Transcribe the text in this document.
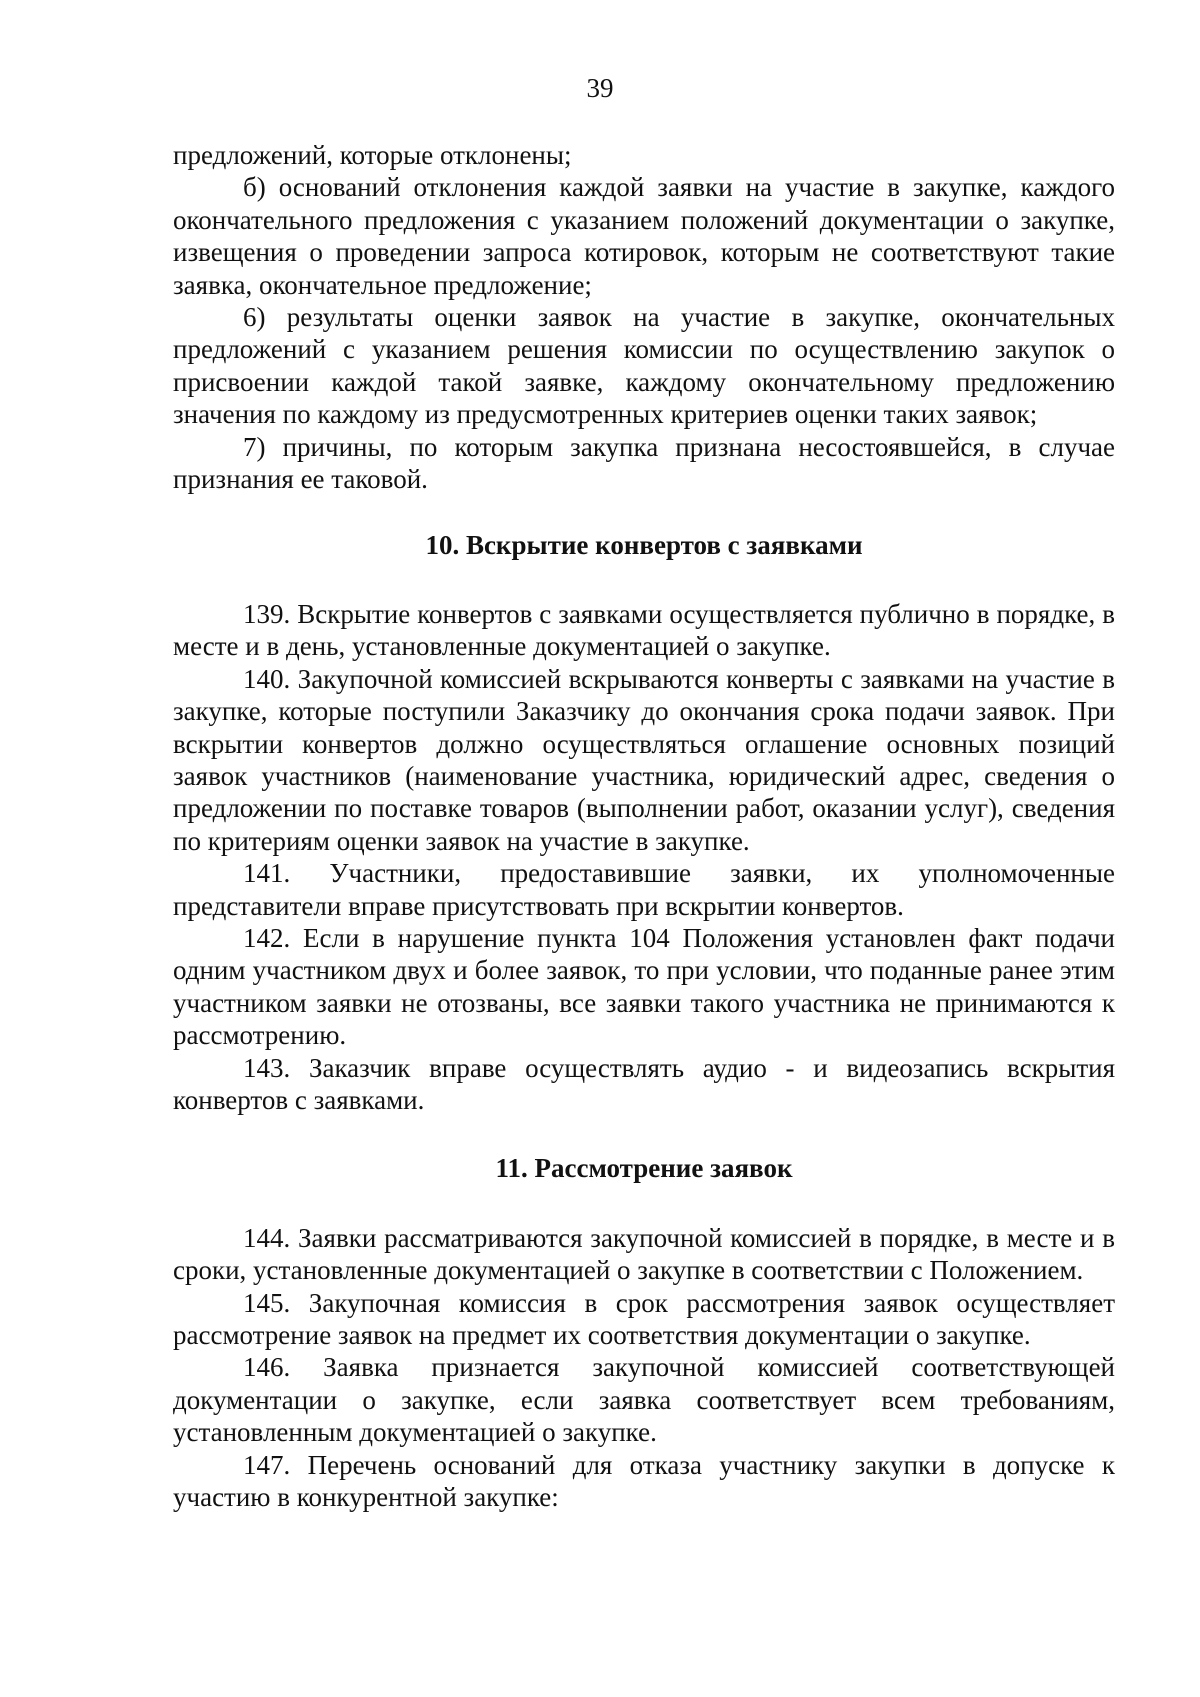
39

предложений, которые отклонены;

б) оснований отклонения каждой заявки на участие в закупке, каждого окончательного предложения с указанием положений документации о закупке, извещения о проведении запроса котировок, которым не соответствуют такие заявка, окончательное предложение;

6) результаты оценки заявок на участие в закупке, окончательных предложений с указанием решения комиссии по осуществлению закупок о присвоении каждой такой заявке, каждому окончательному предложению значения по каждому из предусмотренных критериев оценки таких заявок;

7) причины, по которым закупка признана несостоявшейся, в случае признания ее таковой.

10. Вскрытие конвертов с заявками

139. Вскрытие конвертов с заявками осуществляется публично в порядке, в месте и в день, установленные документацией о закупке.

140. Закупочной комиссией вскрываются конверты с заявками на участие в закупке, которые поступили Заказчику до окончания срока подачи заявок. При вскрытии конвертов должно осуществляться оглашение основных позиций заявок участников (наименование участника, юридический адрес, сведения о предложении по поставке товаров (выполнении работ, оказании услуг), сведения по критериям оценки заявок на участие в закупке.

141. Участники, предоставившие заявки, их уполномоченные представители вправе присутствовать при вскрытии конвертов.

142. Если в нарушение пункта 104 Положения установлен факт подачи одним участником двух и более заявок, то при условии, что поданные ранее этим участником заявки не отозваны, все заявки такого участника не принимаются к рассмотрению.

143. Заказчик вправе осуществлять аудио - и видеозапись вскрытия конвертов с заявками.

11. Рассмотрение заявок

144. Заявки рассматриваются закупочной комиссией в порядке, в месте и в сроки, установленные документацией о закупке в соответствии с Положением.

145. Закупочная комиссия в срок рассмотрения заявок осуществляет рассмотрение заявок на предмет их соответствия документации о закупке.

146. Заявка признается закупочной комиссией соответствующей документации о закупке, если заявка соответствует всем требованиям, установленным документацией о закупке.

147. Перечень оснований для отказа участнику закупки в допуске к участию в конкурентной закупке:
